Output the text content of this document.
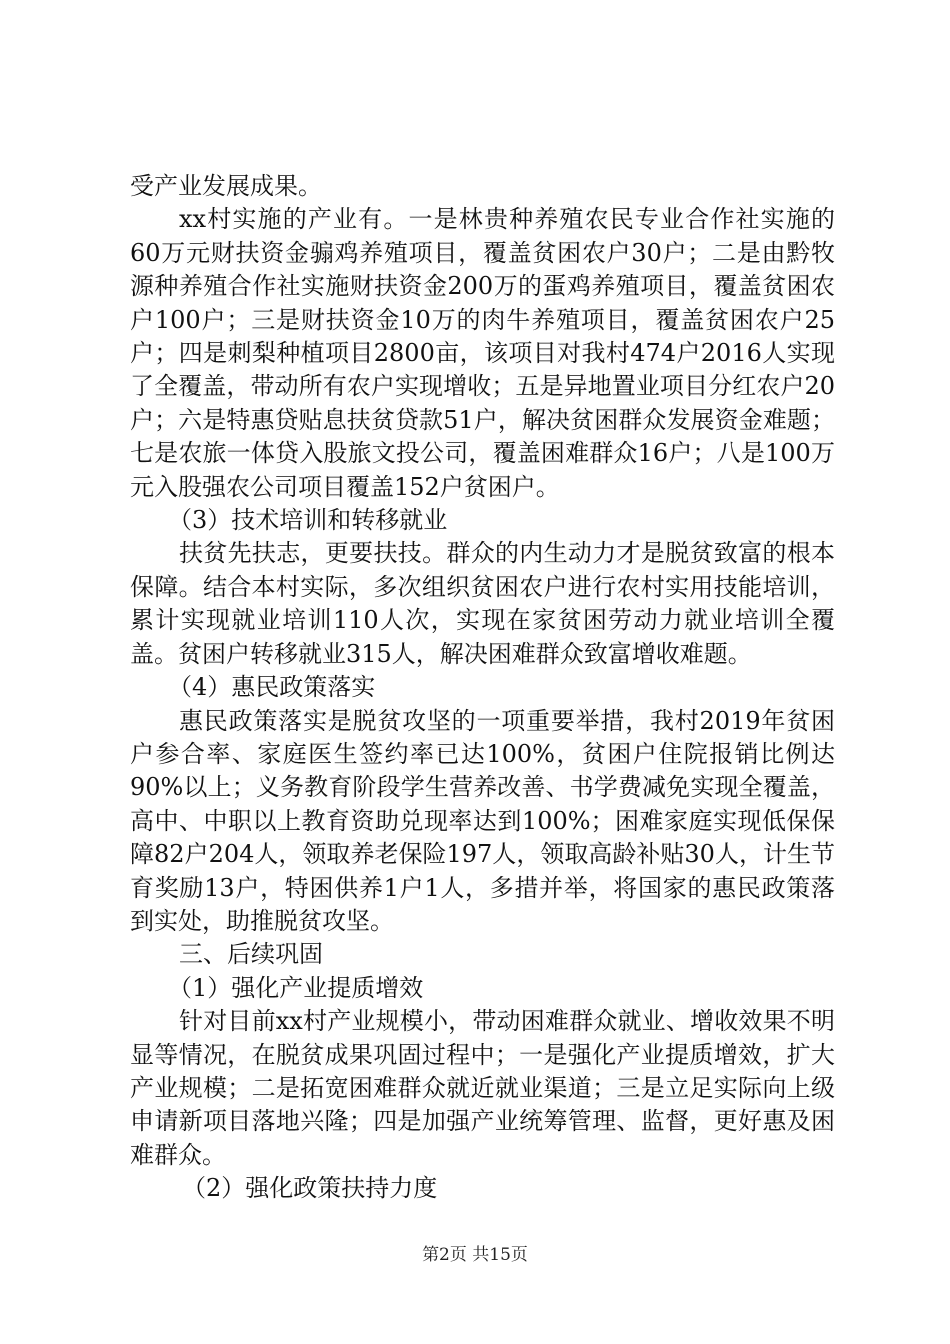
受产业发展成果。

xx村实施的产业有。一是林贵种养殖农民专业合作社实施的60万元财扶资金骟鸡养殖项目，覆盖贫困农户30户；二是由黔牧源种养殖合作社实施财扶资金200万的蛋鸡养殖项目，覆盖贫困农户100户；三是财扶资金10万的肉牛养殖项目，覆盖贫困农户25户；四是刺梨种植项目2800亩，该项目对我村474户2016人实现了全覆盖，带动所有农户实现增收；五是异地置业项目分红农户20户；六是特惠贷贴息扶贫贷款51户，解决贫困群众发展资金难题；七是农旅一体贷入股旅文投公司，覆盖困难群众16户；八是100万元入股强农公司项目覆盖152户贫困户。

（3）技术培训和转移就业

扶贫先扶志，更要扶技。群众的内生动力才是脱贫致富的根本保障。结合本村实际，多次组织贫困农户进行农村实用技能培训，累计实现就业培训110人次，实现在家贫困劳动力就业培训全覆盖。贫困户转移就业315人，解决困难群众致富增收难题。

（4）惠民政策落实

惠民政策落实是脱贫攻坚的一项重要举措，我村2019年贫困户参合率、家庭医生签约率已达100%，贫困户住院报销比例达90%以上；义务教育阶段学生营养改善、书学费减免实现全覆盖，高中、中职以上教育资助兑现率达到100%；困难家庭实现低保保障82户204人，领取养老保险197人，领取高龄补贴30人，计生节育奖励13户，特困供养1户1人，多措并举，将国家的惠民政策落到实处，助推脱贫攻坚。

三、后续巩固

（1）强化产业提质增效

针对目前xx村产业规模小，带动困难群众就业、增收效果不明显等情况，在脱贫成果巩固过程中；一是强化产业提质增效，扩大产业规模；二是拓宽困难群众就近就业渠道；三是立足实际向上级申请新项目落地兴隆；四是加强产业统筹管理、监督，更好惠及困难群众。

（2）强化政策扶持力度

第2页 共15页
